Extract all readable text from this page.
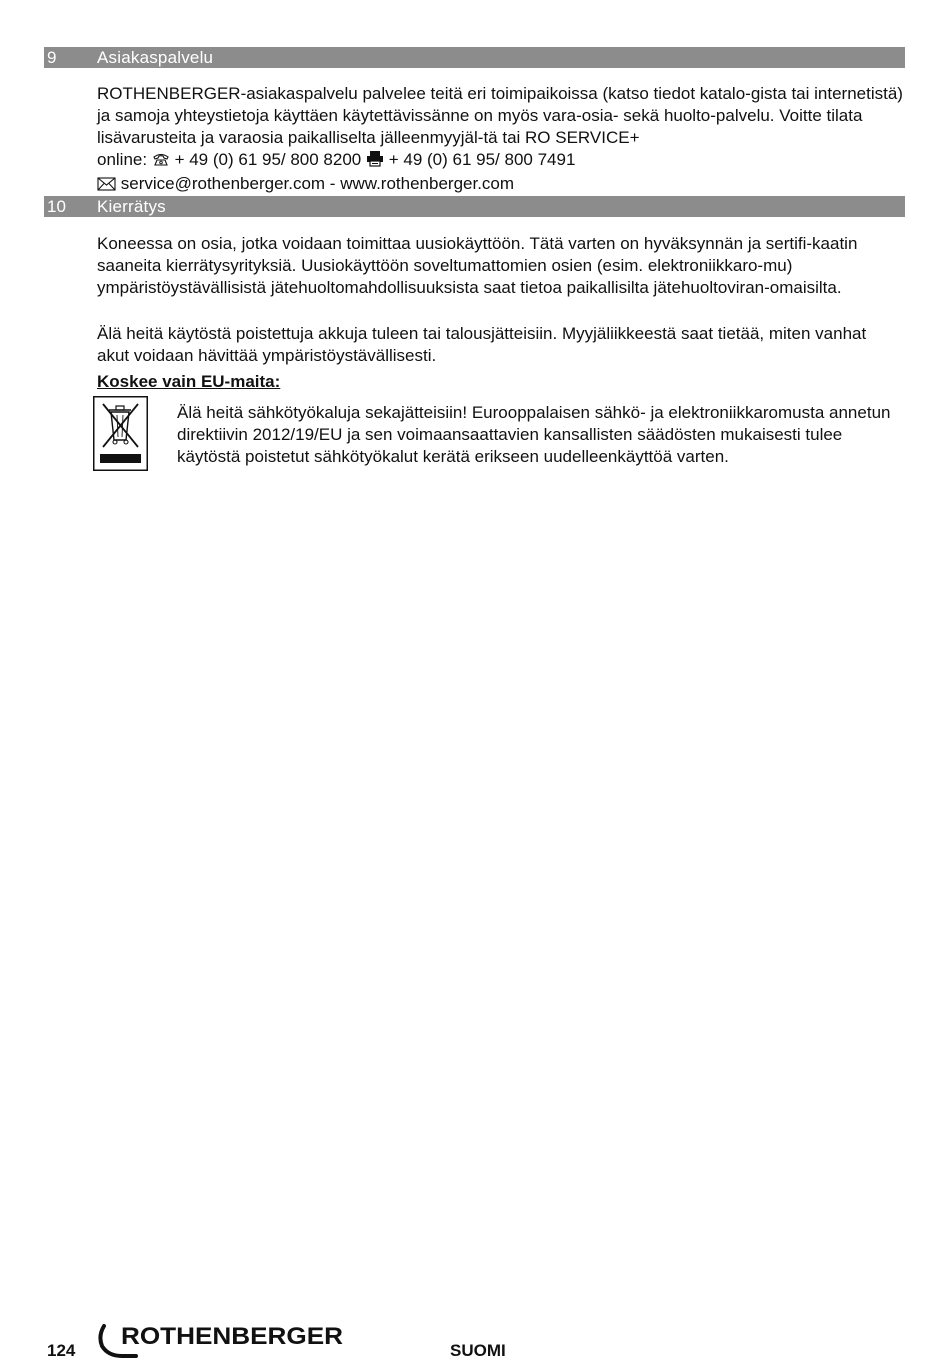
9 Asiakaspalvelu
ROTHENBERGER-asiakaspalvelu palvelee teitä eri toimipaikoissa (katso tiedot katalo-gista tai internetistä) ja samoja yhteystietoja käyttäen käytettävissänne on myös vara-osia- sekä huolto-palvelu. Voitte tilata lisävarusteita ja varaosia paikalliselta jälleenmyyjäl-tä tai RO SERVICE+
online: + 49 (0) 61 95/ 800 8200 + 49 (0) 61 95/ 800 7491
service@rothenberger.com - www.rothenberger.com
10 Kierrätys

Koneessa on osia, jotka voidaan toimittaa uusiokäyttöön. Tätä varten on hyväksynnän ja sertifi-kaatin saaneita kierrätysyrityksiä. Uusiokäyttöön soveltumattomien osien (esim. elektroniikkaro-mu) ympäristöystävällisistä jätehuoltomahdollisuuksista saat tietoa paikallisilta jätehuoltoviran-omaisilta.

Älä heitä käytöstä poistettuja akkuja tuleen tai talousjätteisiin. Myyjäliikkeestä saat tietää, miten vanhat akut voidaan hävittää ympäristöystävällisesti.

Koskee vain EU-maita:

Älä heitä sähkötyökaluja sekajätteisiin! Eurooppalaisen sähkö- ja elektroniikkaromusta annetun direktiivin 2012/19/EU ja sen voimaansaattavien kansallisten säädösten mukaisesti tulee käytöstä poistetut sähkötyökalut kerätä erikseen uudelleenkäyttöä varten.

124
ROTHENBERGER
SUOMI
